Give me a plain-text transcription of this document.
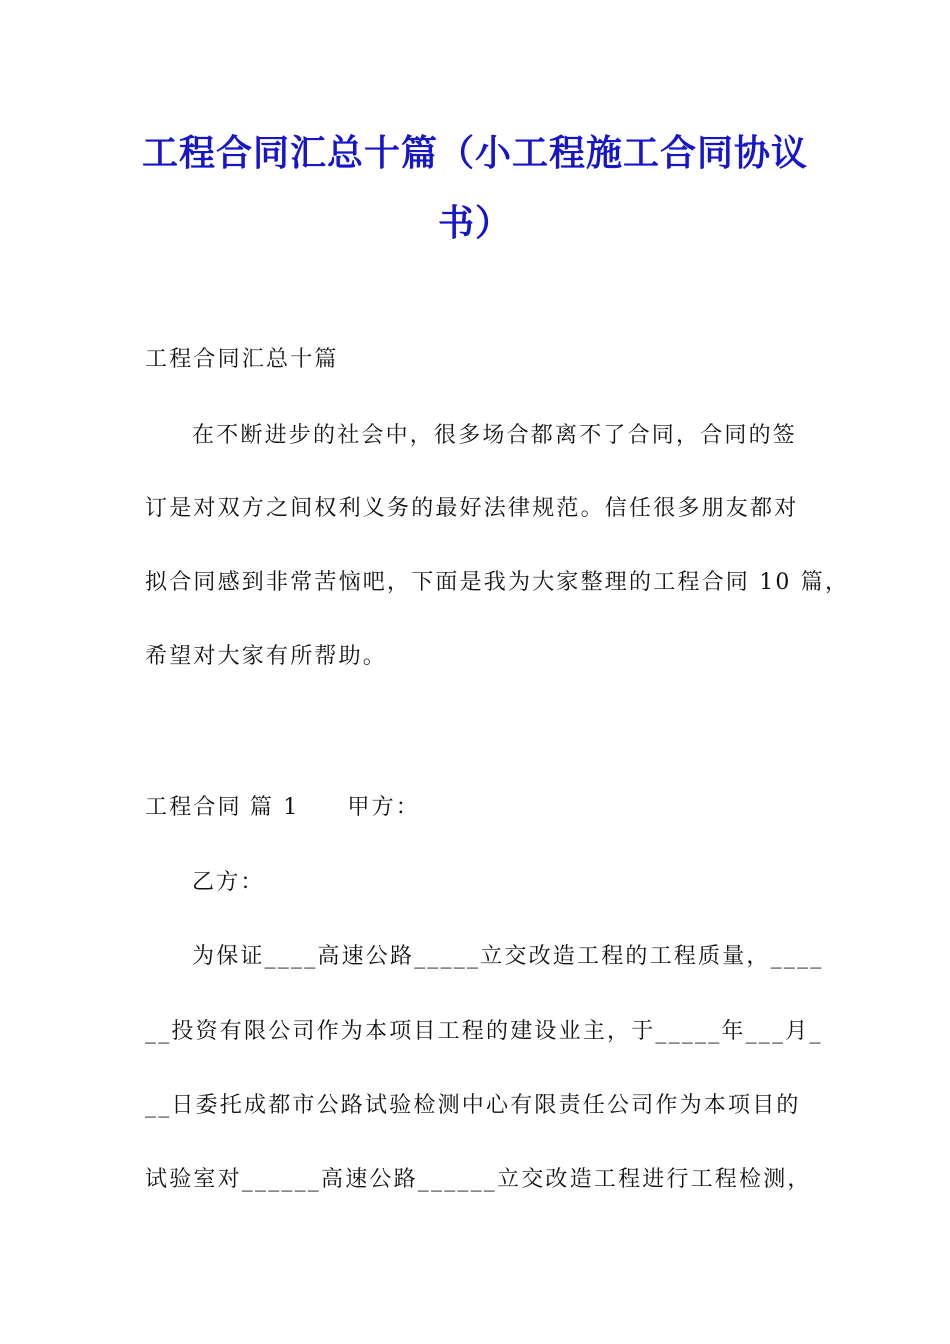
工程合同汇总十篇（小工程施工合同协议
书）

工程合同汇总十篇

在不断进步的社会中，很多场合都离不了合同，合同的签

订是对双方之间权利义务的最好法律规范。信任很多朋友都对

拟合同感到非常苦恼吧，下面是我为大家整理的工程合同 10 篇，

希望对大家有所帮助。

工程合同 篇 1 甲方：

乙方：

为保证____高速公路_____立交改造工程的工程质量，____

__投资有限公司作为本项目工程的建设业主，于_____年___月_

__日委托成都市公路试验检测中心有限责任公司作为本项目的

试验室对______高速公路______立交改造工程进行工程检测，
